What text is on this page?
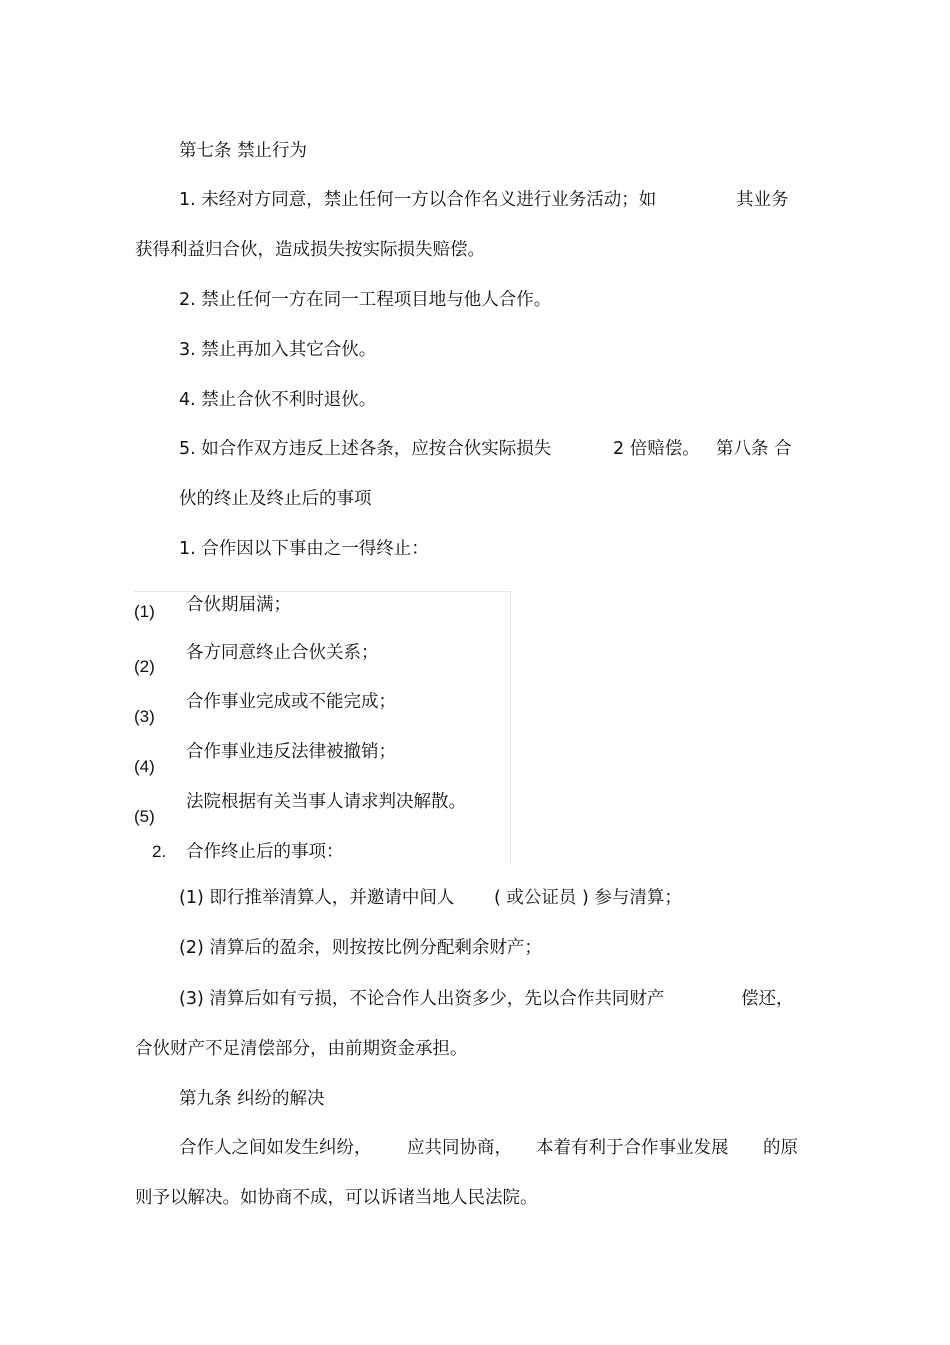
第七条 禁止行为
1. 未经对方同意，禁止任何一方以合作名义进行业务活动；如	其业务
获得利益归合伙，造成损失按实际损失赔偿。
2. 禁止任何一方在同一工程项目地与他人合作。
3. 禁止再加入其它合伙。
4. 禁止合伙不利时退伙。
5. 如合作双方违反上述各条，应按合伙实际损失	2 倍赔偿。 第八条 合
伙的终止及终止后的事项
1. 合作因以下事由之一得终止：
(1) 合伙期届满；
(2)
各方同意终止合伙关系；
(3)
合作事业完成或不能完成；
(4)
合作事业违反法律被撤销；
(5)
法院根据有关当事人请求判决解散。
2. 合作终止后的事项：
(1) 即行推举清算人，并邀请中间人 ( 或公证员 ) 参与清算；
(2) 清算后的盈余，则按按比例分配剩余财产；
(3) 清算后如有亏损，不论合作人出资多少，先以合作共同财产	偿还，
合伙财产不足清偿部分，由前期资金承担。
第九条 纠纷的解决
合作人之间如发生纠纷， 应共同协商， 本着有利于合作事业发展 的原
则予以解决。如协商不成，可以诉诸当地人民法院。
